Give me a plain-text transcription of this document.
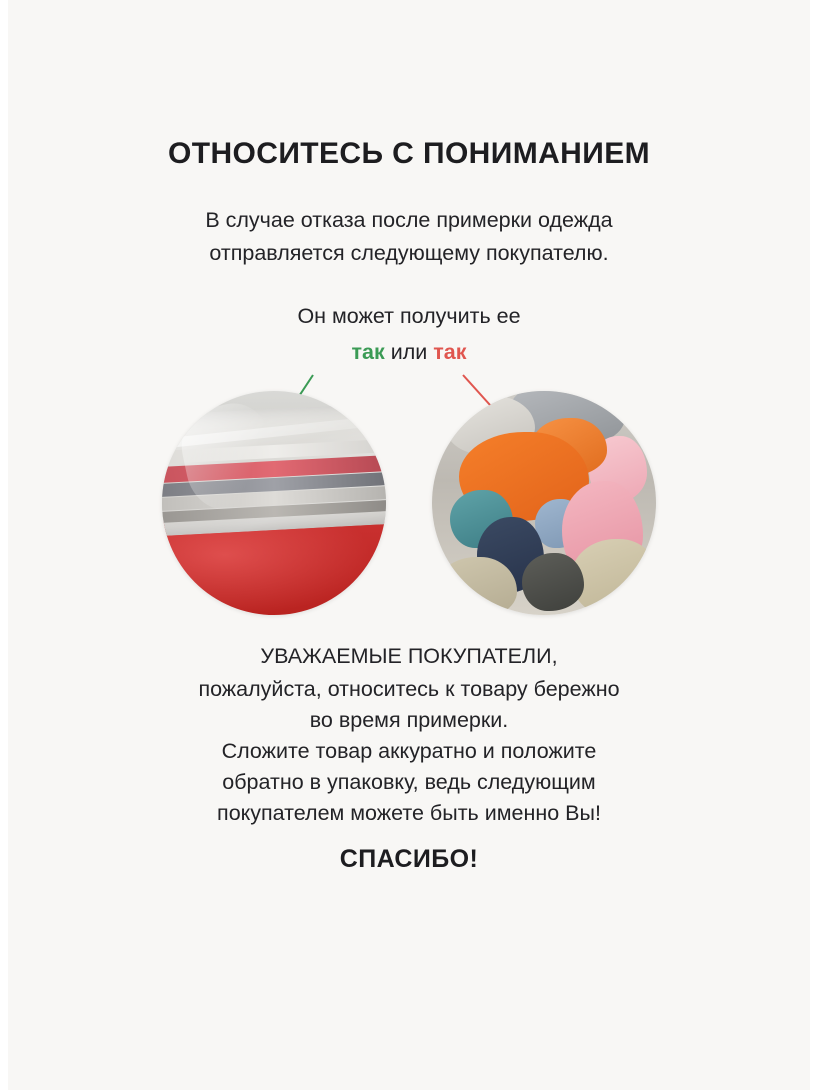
ОТНОСИТЕСЬ С ПОНИМАНИЕМ
В случае отказа после примерки одежда
отправляется следующему покупателю.
Он может получить ее
так или так
УВАЖАЕМЫЕ ПОКУПАТЕЛИ,
пожалуйста, относитесь к товару бережно
во время примерки.
Сложите товар аккуратно и положите
обратно в упаковку, ведь следующим
покупателем можете быть именно Вы!
СПАСИБО!
